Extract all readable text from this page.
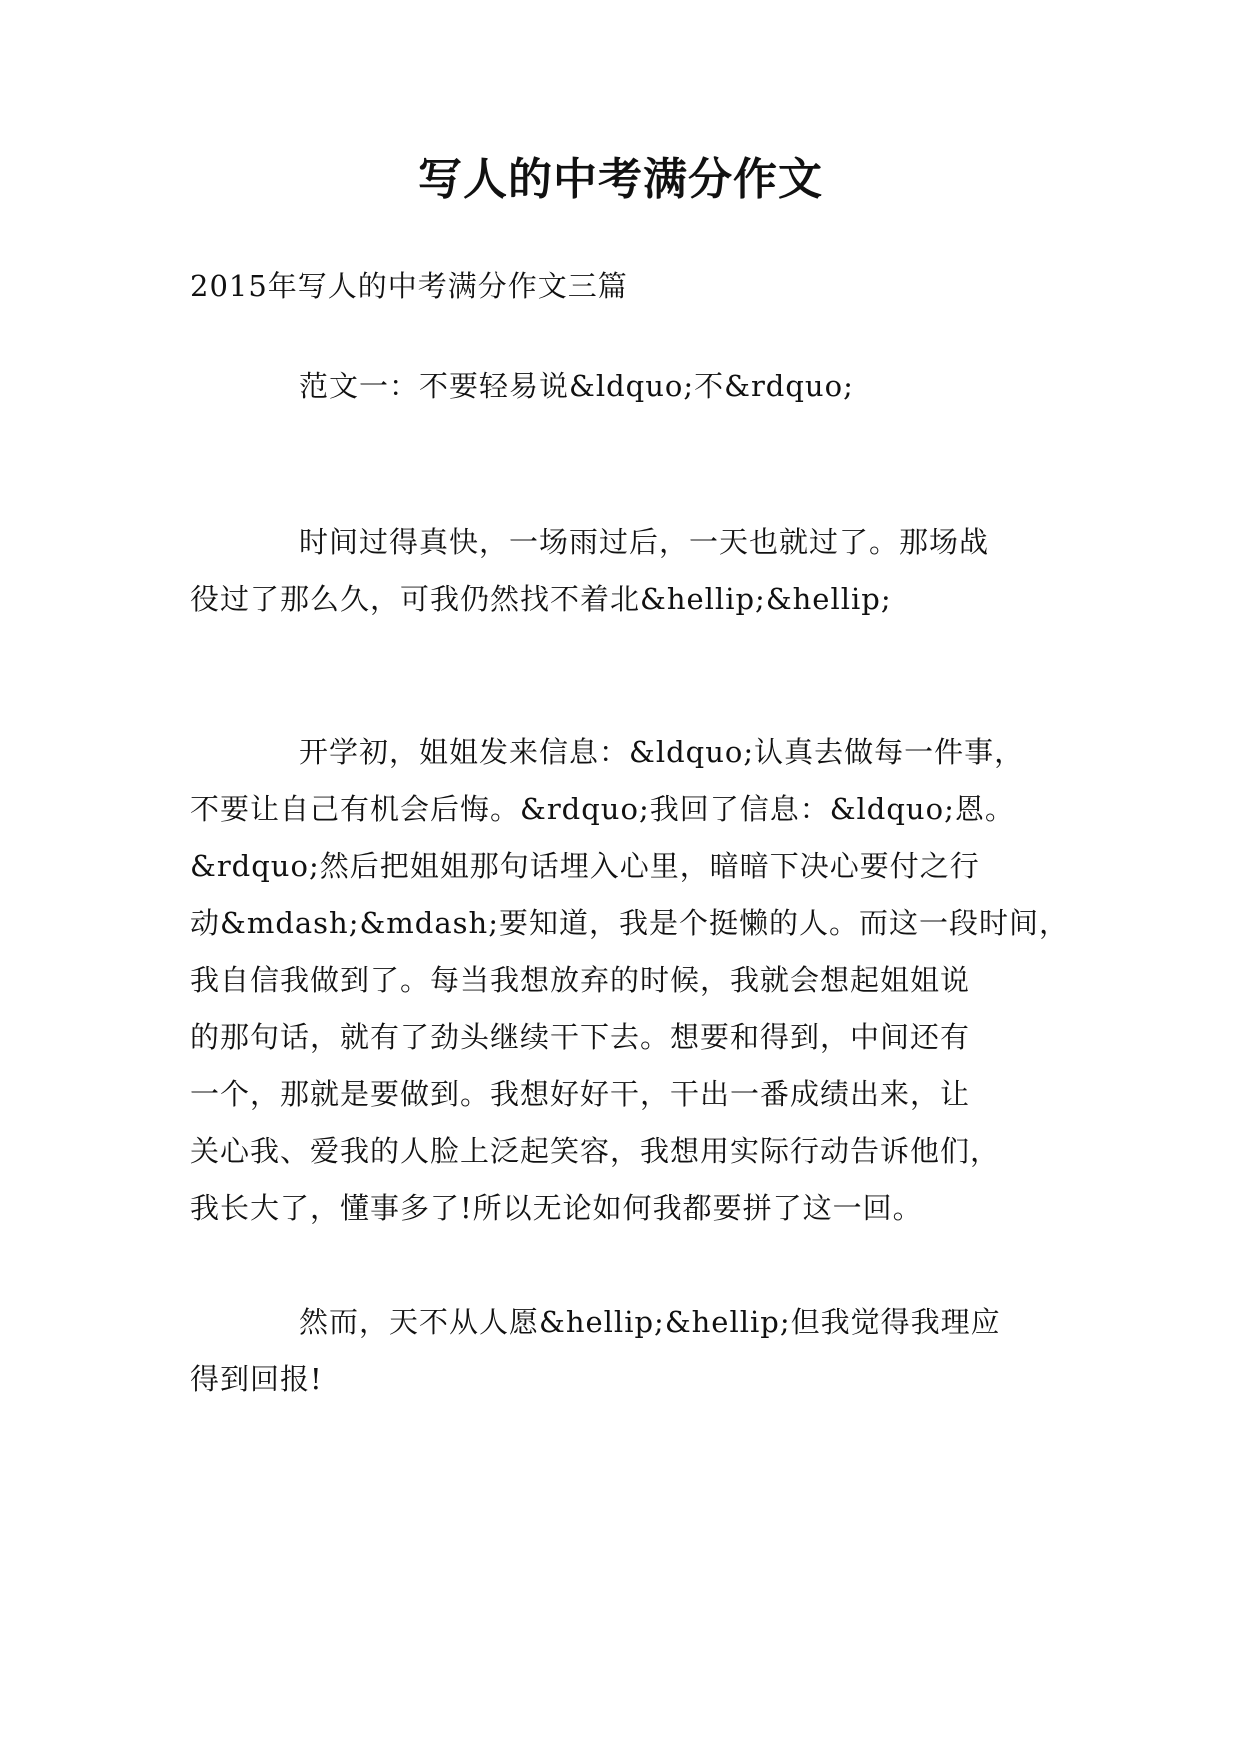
写人的中考满分作文

2015年写人的中考满分作文三篇

范文一：不要轻易说&ldquo;不&rdquo;

时间过得真快，一场雨过后，一天也就过了。那场战
役过了那么久，可我仍然找不着北&hellip;&hellip;

开学初，姐姐发来信息：&ldquo;认真去做每一件事，
不要让自己有机会后悔。&rdquo;我回了信息：&ldquo;恩。
&rdquo;然后把姐姐那句话埋入心里，暗暗下决心要付之行
动&mdash;&mdash;要知道，我是个挺懒的人。而这一段时间，
我自信我做到了。每当我想放弃的时候，我就会想起姐姐说
的那句话，就有了劲头继续干下去。想要和得到，中间还有
一个，那就是要做到。我想好好干，干出一番成绩出来，让
关心我、爱我的人脸上泛起笑容，我想用实际行动告诉他们，
我长大了，懂事多了!所以无论如何我都要拼了这一回。

然而，天不从人愿&hellip;&hellip;但我觉得我理应
得到回报!
